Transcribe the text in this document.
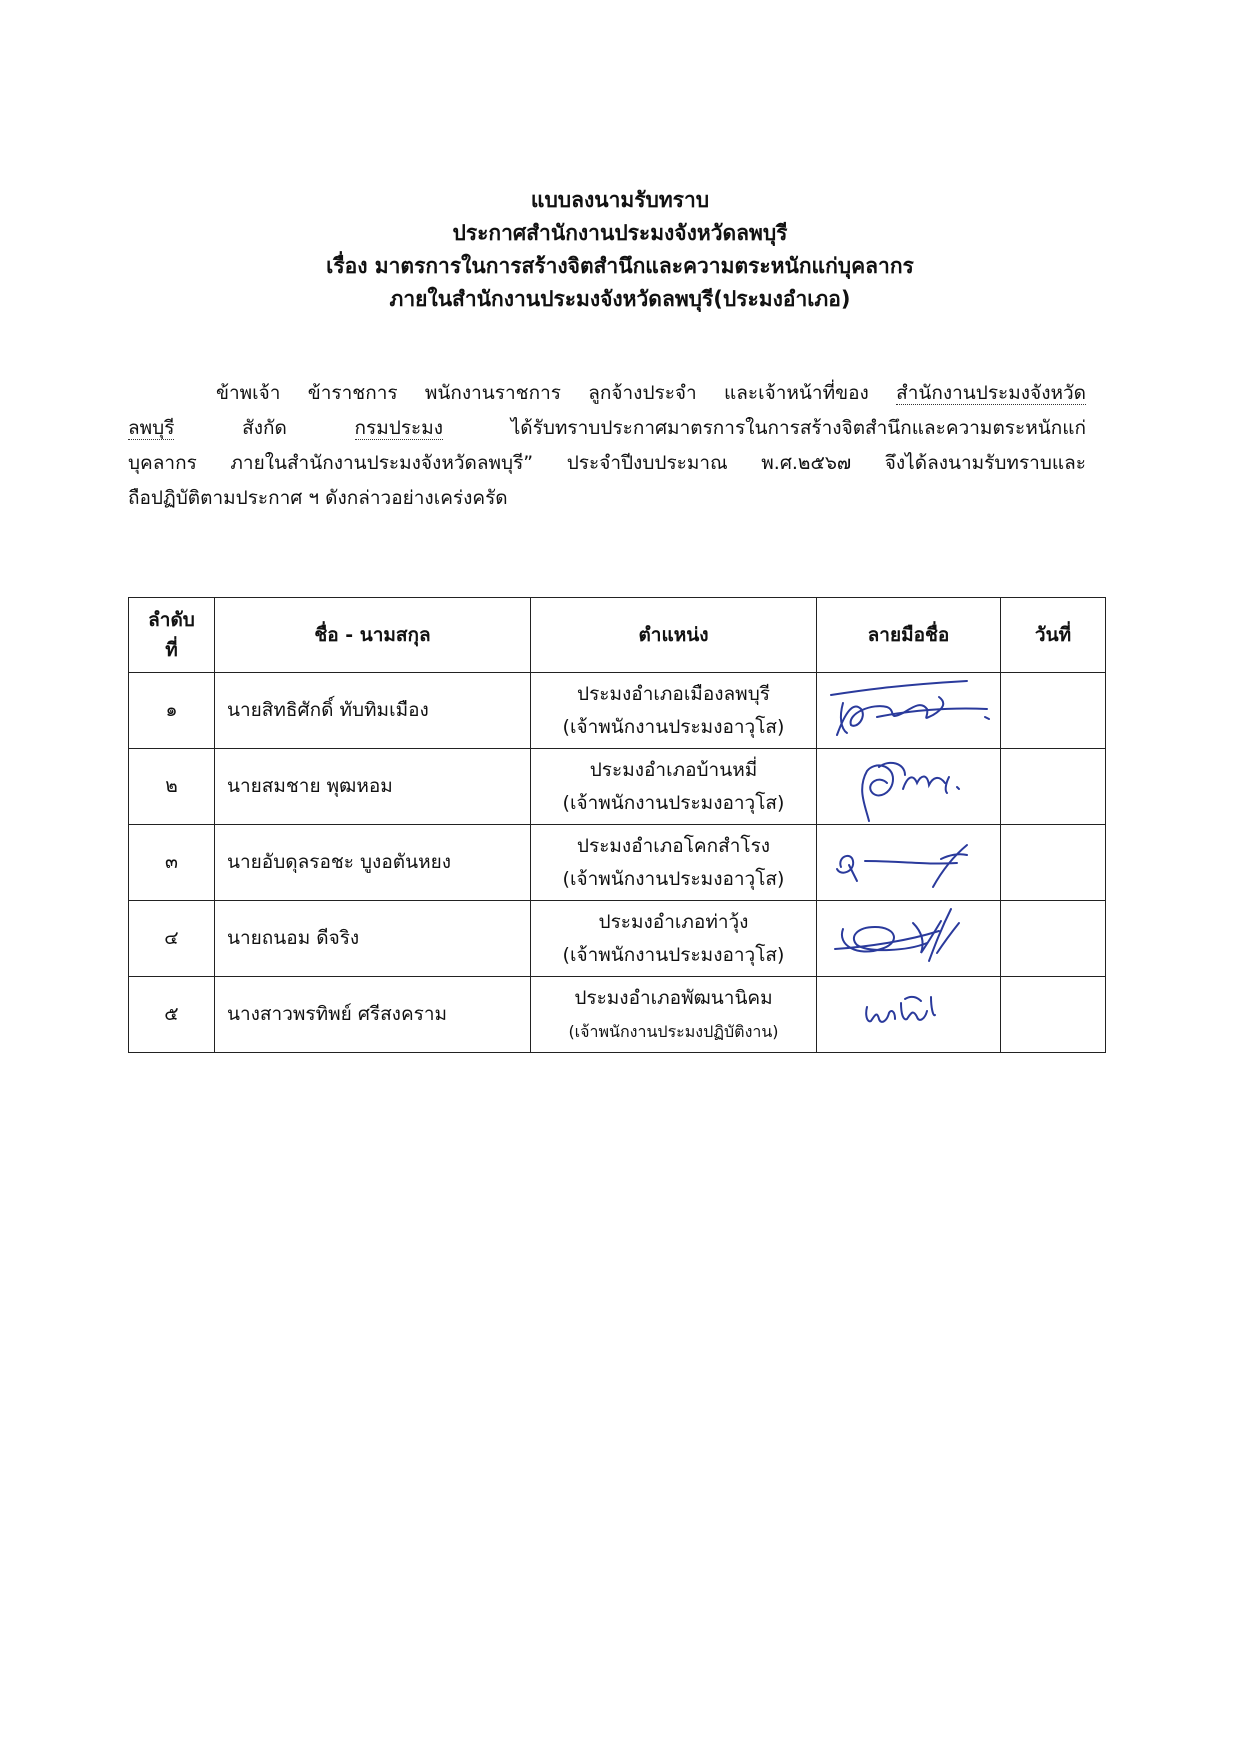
แบบลงนามรับทราบ
ประกาศสำนักงานประมงจังหวัดลพบุรี
เรื่อง มาตรการในการสร้างจิตสำนึกและความตระหนักแก่บุคลากร
ภายในสำนักงานประมงจังหวัดลพบุรี(ประมงอำเภอ)
ข้าพเจ้า ข้าราชการ พนักงานราชการ ลูกจ้างประจำ และเจ้าหน้าที่ของ สำนักงานประมงจังหวัด
ลพบุรี	สังกัด	กรมประมง	ได้รับทราบประกาศมาตรการในการสร้างจิตสำนึกและความตระหนักแก่
บุคลากร ภายในสำนักงานประมงจังหวัดลพบุรี” ประจำปีงบประมาณ พ.ศ.๒๕๖๗ จึงได้ลงนามรับทราบและ
ถือปฏิบัติตามประกาศ ฯ ดังกล่าวอย่างเคร่งครัด
ลำดับ
ที่	ชื่อ - นามสกุล	ตำแหน่ง	ลายมือชื่อ	วันที่
๑	นายสิทธิศักดิ์ ทับทิมเมือง	ประมงอำเภอเมืองลพบุรี
(เจ้าพนักงานประมงอาวุโส)

๒	นายสมชาย พุฒหอม	ประมงอำเภอบ้านหมี่
(เจ้าพนักงานประมงอาวุโส)

๓	นายอับดุลรอชะ บูงอตันหยง	ประมงอำเภอโคกสำโรง
(เจ้าพนักงานประมงอาวุโส)

๔	นายถนอม ดีจริง	ประมงอำเภอท่าวุ้ง
(เจ้าพนักงานประมงอาวุโส)

๕	นางสาวพรทิพย์ ศรีสงคราม	ประมงอำเภอพัฒนานิคม
(เจ้าพนักงานประมงปฏิบัติงาน)
